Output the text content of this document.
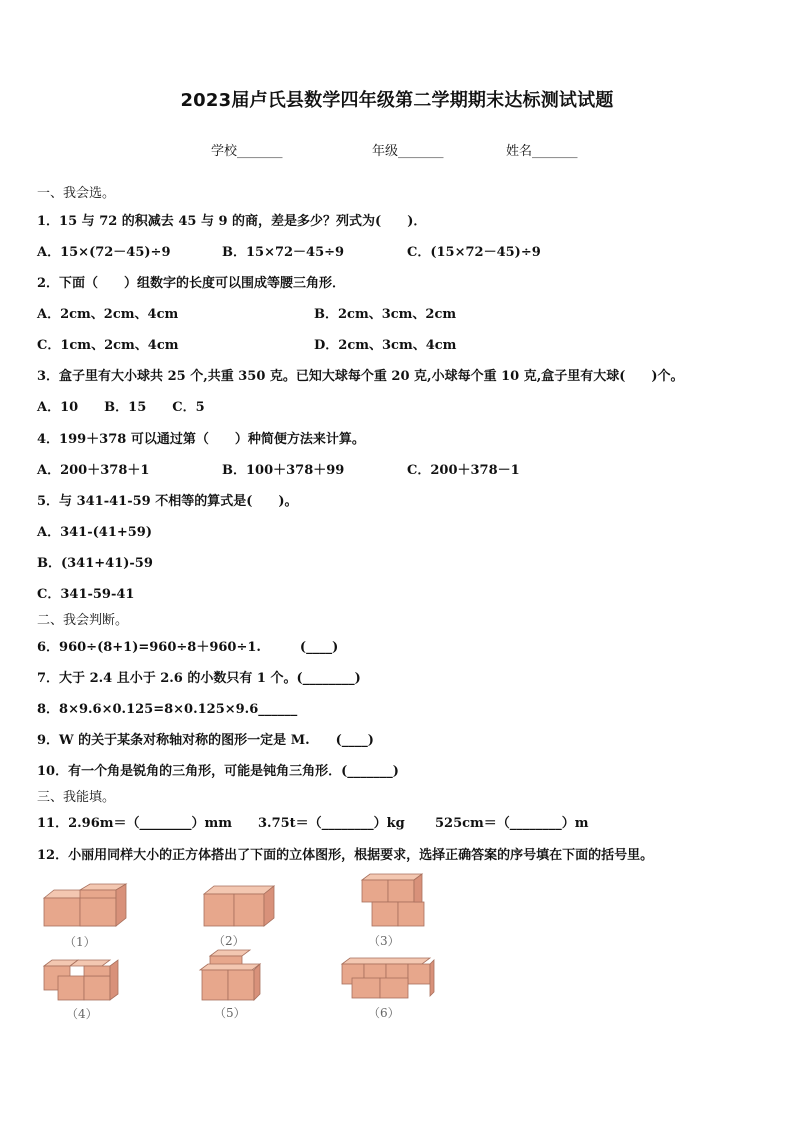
2023届卢氏县数学四年级第二学期期末达标测试试题
学校_______	年级_______	姓名_______
一、我会选。
1．15 与 72 的积减去 45 与 9 的商，差是多少？列式为(　　)．
A．15×(72－45)÷9	B．15×72－45÷9	C．(15×72－45)÷9
2．下面（　　）组数字的长度可以围成等腰三角形．
A．2cm、2cm、4cm	B．2cm、3cm、2cm
C．1cm、2cm、4cm	D．2cm、3cm、4cm
3．盒子里有大小球共 25 个,共重 350 克。已知大球每个重 20 克,小球每个重 10 克,盒子里有大球(　　)个。
A．10　　B．15　　C．5
4．199＋378 可以通过第（　　）种简便方法来计算。
A．200＋378＋1	B．100＋378＋99	C．200＋378－1
5．与 341-41-59 不相等的算式是(　　)。
A．341-(41+59)
B．(341+41)-59
C．341-59-41
二、我会判断。
6．960÷(8+1)=960÷8＋960÷1.　　　(____)
7．大于 2.4 且小于 2.6 的小数只有 1 个。(________)
8．8×9.6×0.125=8×0.125×9.6______
9．W 的关于某条对称轴对称的图形一定是 M.　　(____)
10．有一个角是锐角的三角形，可能是钝角三角形．(_______)
三、我能填。
11．2.96m＝（________）mm 3.75t＝（________）kg 525cm＝（________）m
12．小丽用同样大小的正方体搭出了下面的立体图形，根据要求，选择正确答案的序号填在下面的括号里。
（1）	（2）	（3）
（4）	（5）	（6）
